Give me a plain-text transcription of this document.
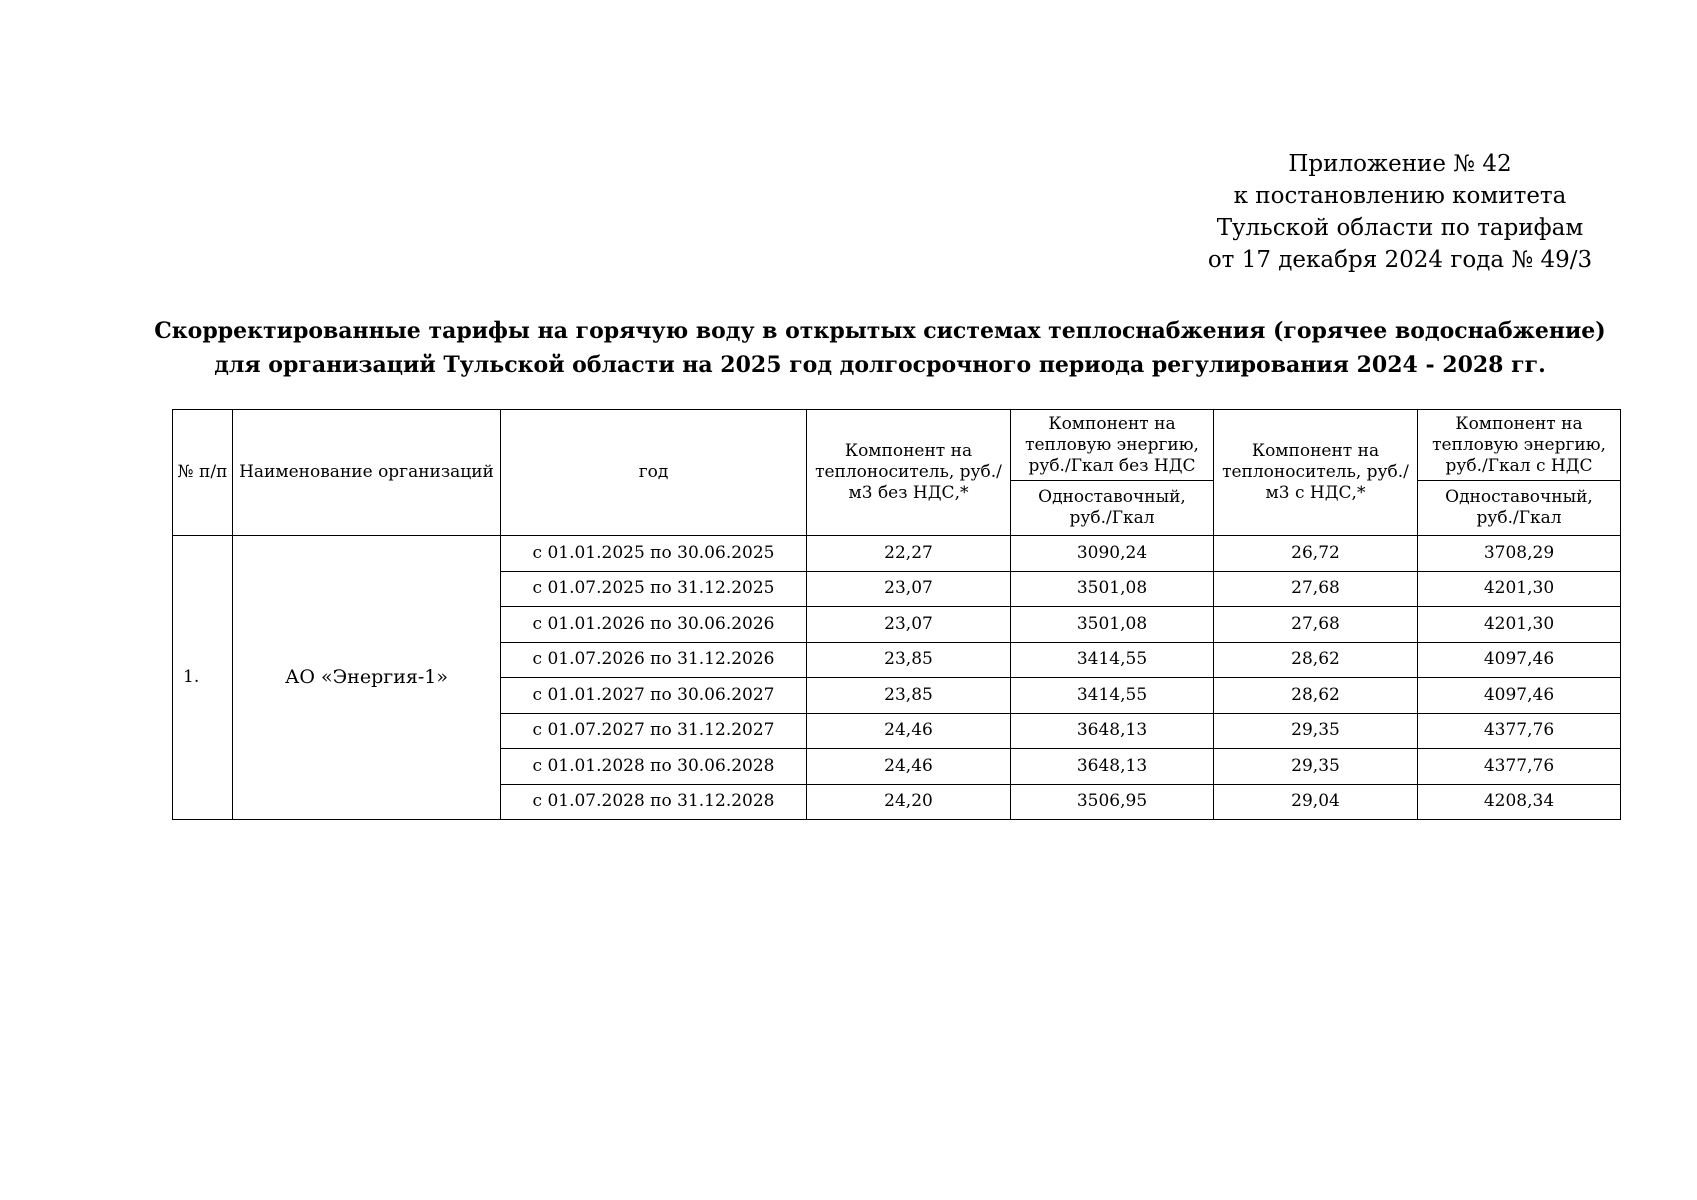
Приложение № 42
к постановлению комитета
Тульской области по тарифам
от 17 декабря 2024 года № 49/3
Скорректированные тарифы на горячую воду в открытых системах теплоснабжения (горячее водоснабжение)
для организаций Тульской области на 2025 год долгосрочного периода регулирования 2024 - 2028 гг.
№ п/п	Наименование организаций	год	Компонент на теплоноситель, руб./м3 без НДС,*	Компонент на тепловую энергию, руб./Гкал без НДС	Компонент на теплоноситель, руб./м3 с НДС,*	Компонент на тепловую энергию, руб./Гкал с НДС
				Одноставочный, руб./Гкал		Одноставочный, руб./Гкал
1.	АО «Энергия-1»	с 01.01.2025 по 30.06.2025	22,27	3090,24	26,72	3708,29
		с 01.07.2025 по 31.12.2025	23,07	3501,08	27,68	4201,30
		с 01.01.2026 по 30.06.2026	23,07	3501,08	27,68	4201,30
		с 01.07.2026 по 31.12.2026	23,85	3414,55	28,62	4097,46
		с 01.01.2027 по 30.06.2027	23,85	3414,55	28,62	4097,46
		с 01.07.2027 по 31.12.2027	24,46	3648,13	29,35	4377,76
		с 01.01.2028 по 30.06.2028	24,46	3648,13	29,35	4377,76
		с 01.07.2028 по 31.12.2028	24,20	3506,95	29,04	4208,34
